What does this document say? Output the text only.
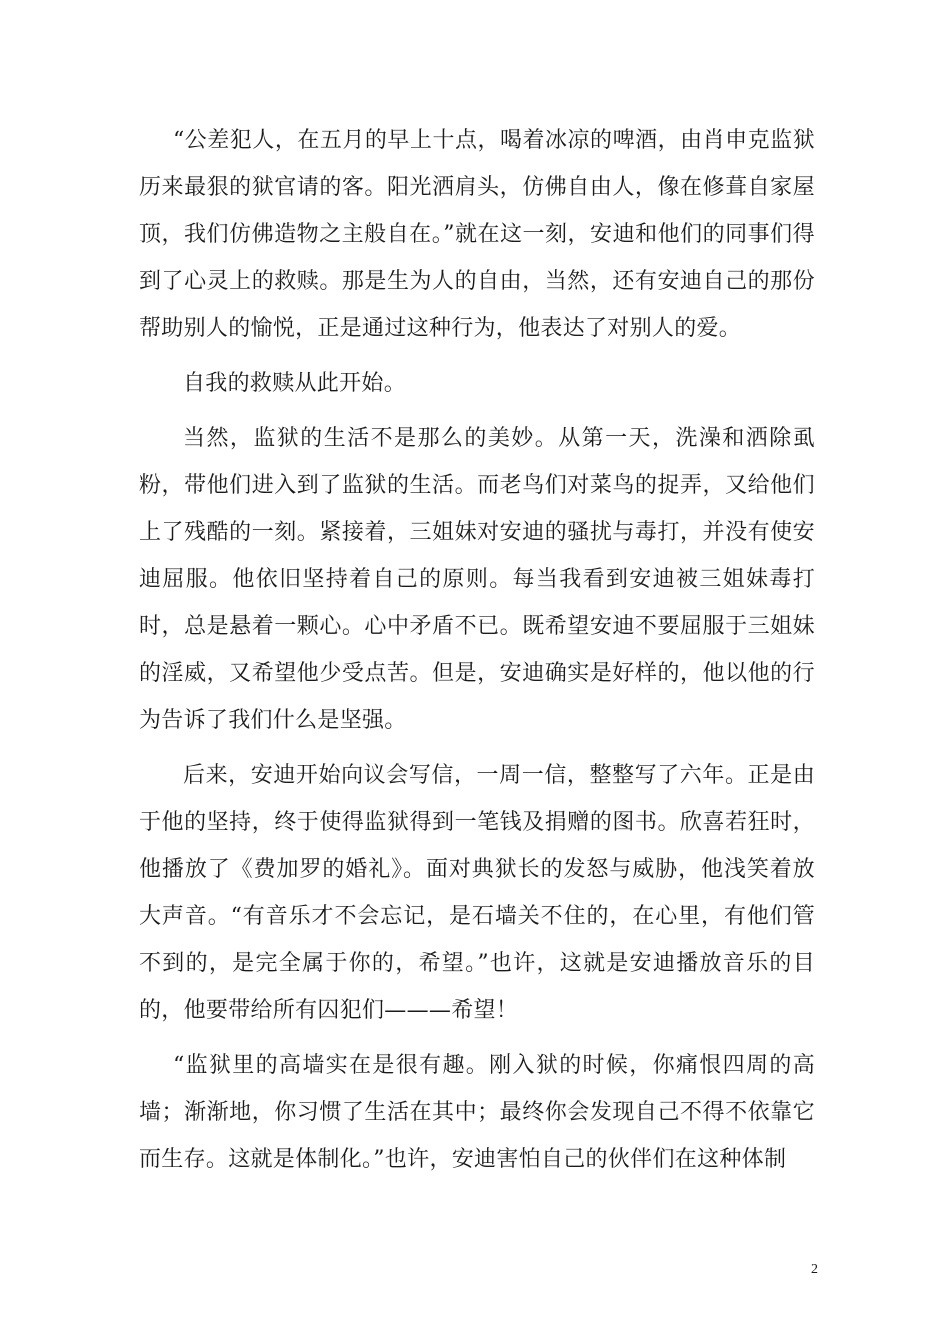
“公差犯人，在五月的早上十点，喝着冰凉的啤酒，由肖申克监狱历来最狠的狱官请的客。阳光洒肩头，仿佛自由人，像在修葺自家屋顶，我们仿佛造物之主般自在。”就在这一刻，安迪和他们的同事们得到了心灵上的救赎。那是生为人的自由，当然，还有安迪自己的那份帮助别人的愉悦，正是通过这种行为，他表达了对别人的爱。

自我的救赎从此开始。

当然，监狱的生活不是那么的美妙。从第一天，洗澡和洒除虱粉，带他们进入到了监狱的生活。而老鸟们对菜鸟的捉弄，又给他们上了残酷的一刻。紧接着，三姐妹对安迪的骚扰与毒打，并没有使安迪屈服。他依旧坚持着自己的原则。每当我看到安迪被三姐妹毒打时，总是悬着一颗心。心中矛盾不已。既希望安迪不要屈服于三姐妹的淫威，又希望他少受点苦。但是，安迪确实是好样的，他以他的行为告诉了我们什么是坚强。

后来，安迪开始向议会写信，一周一信，整整写了六年。正是由于他的坚持，终于使得监狱得到一笔钱及捐赠的图书。欣喜若狂时，他播放了《费加罗的婚礼》。面对典狱长的发怒与威胁，他浅笑着放大声音。“有音乐才不会忘记，是石墙关不住的，在心里，有他们管不到的，是完全属于你的，希望。”也许，这就是安迪播放音乐的目的，他要带给所有囚犯们———希望！

“监狱里的高墙实在是很有趣。刚入狱的时候，你痛恨四周的高墙；渐渐地，你习惯了生活在其中；最终你会发现自己不得不依靠它而生存。这就是体制化。”也许，安迪害怕自己的伙伴们在这种体制

2
